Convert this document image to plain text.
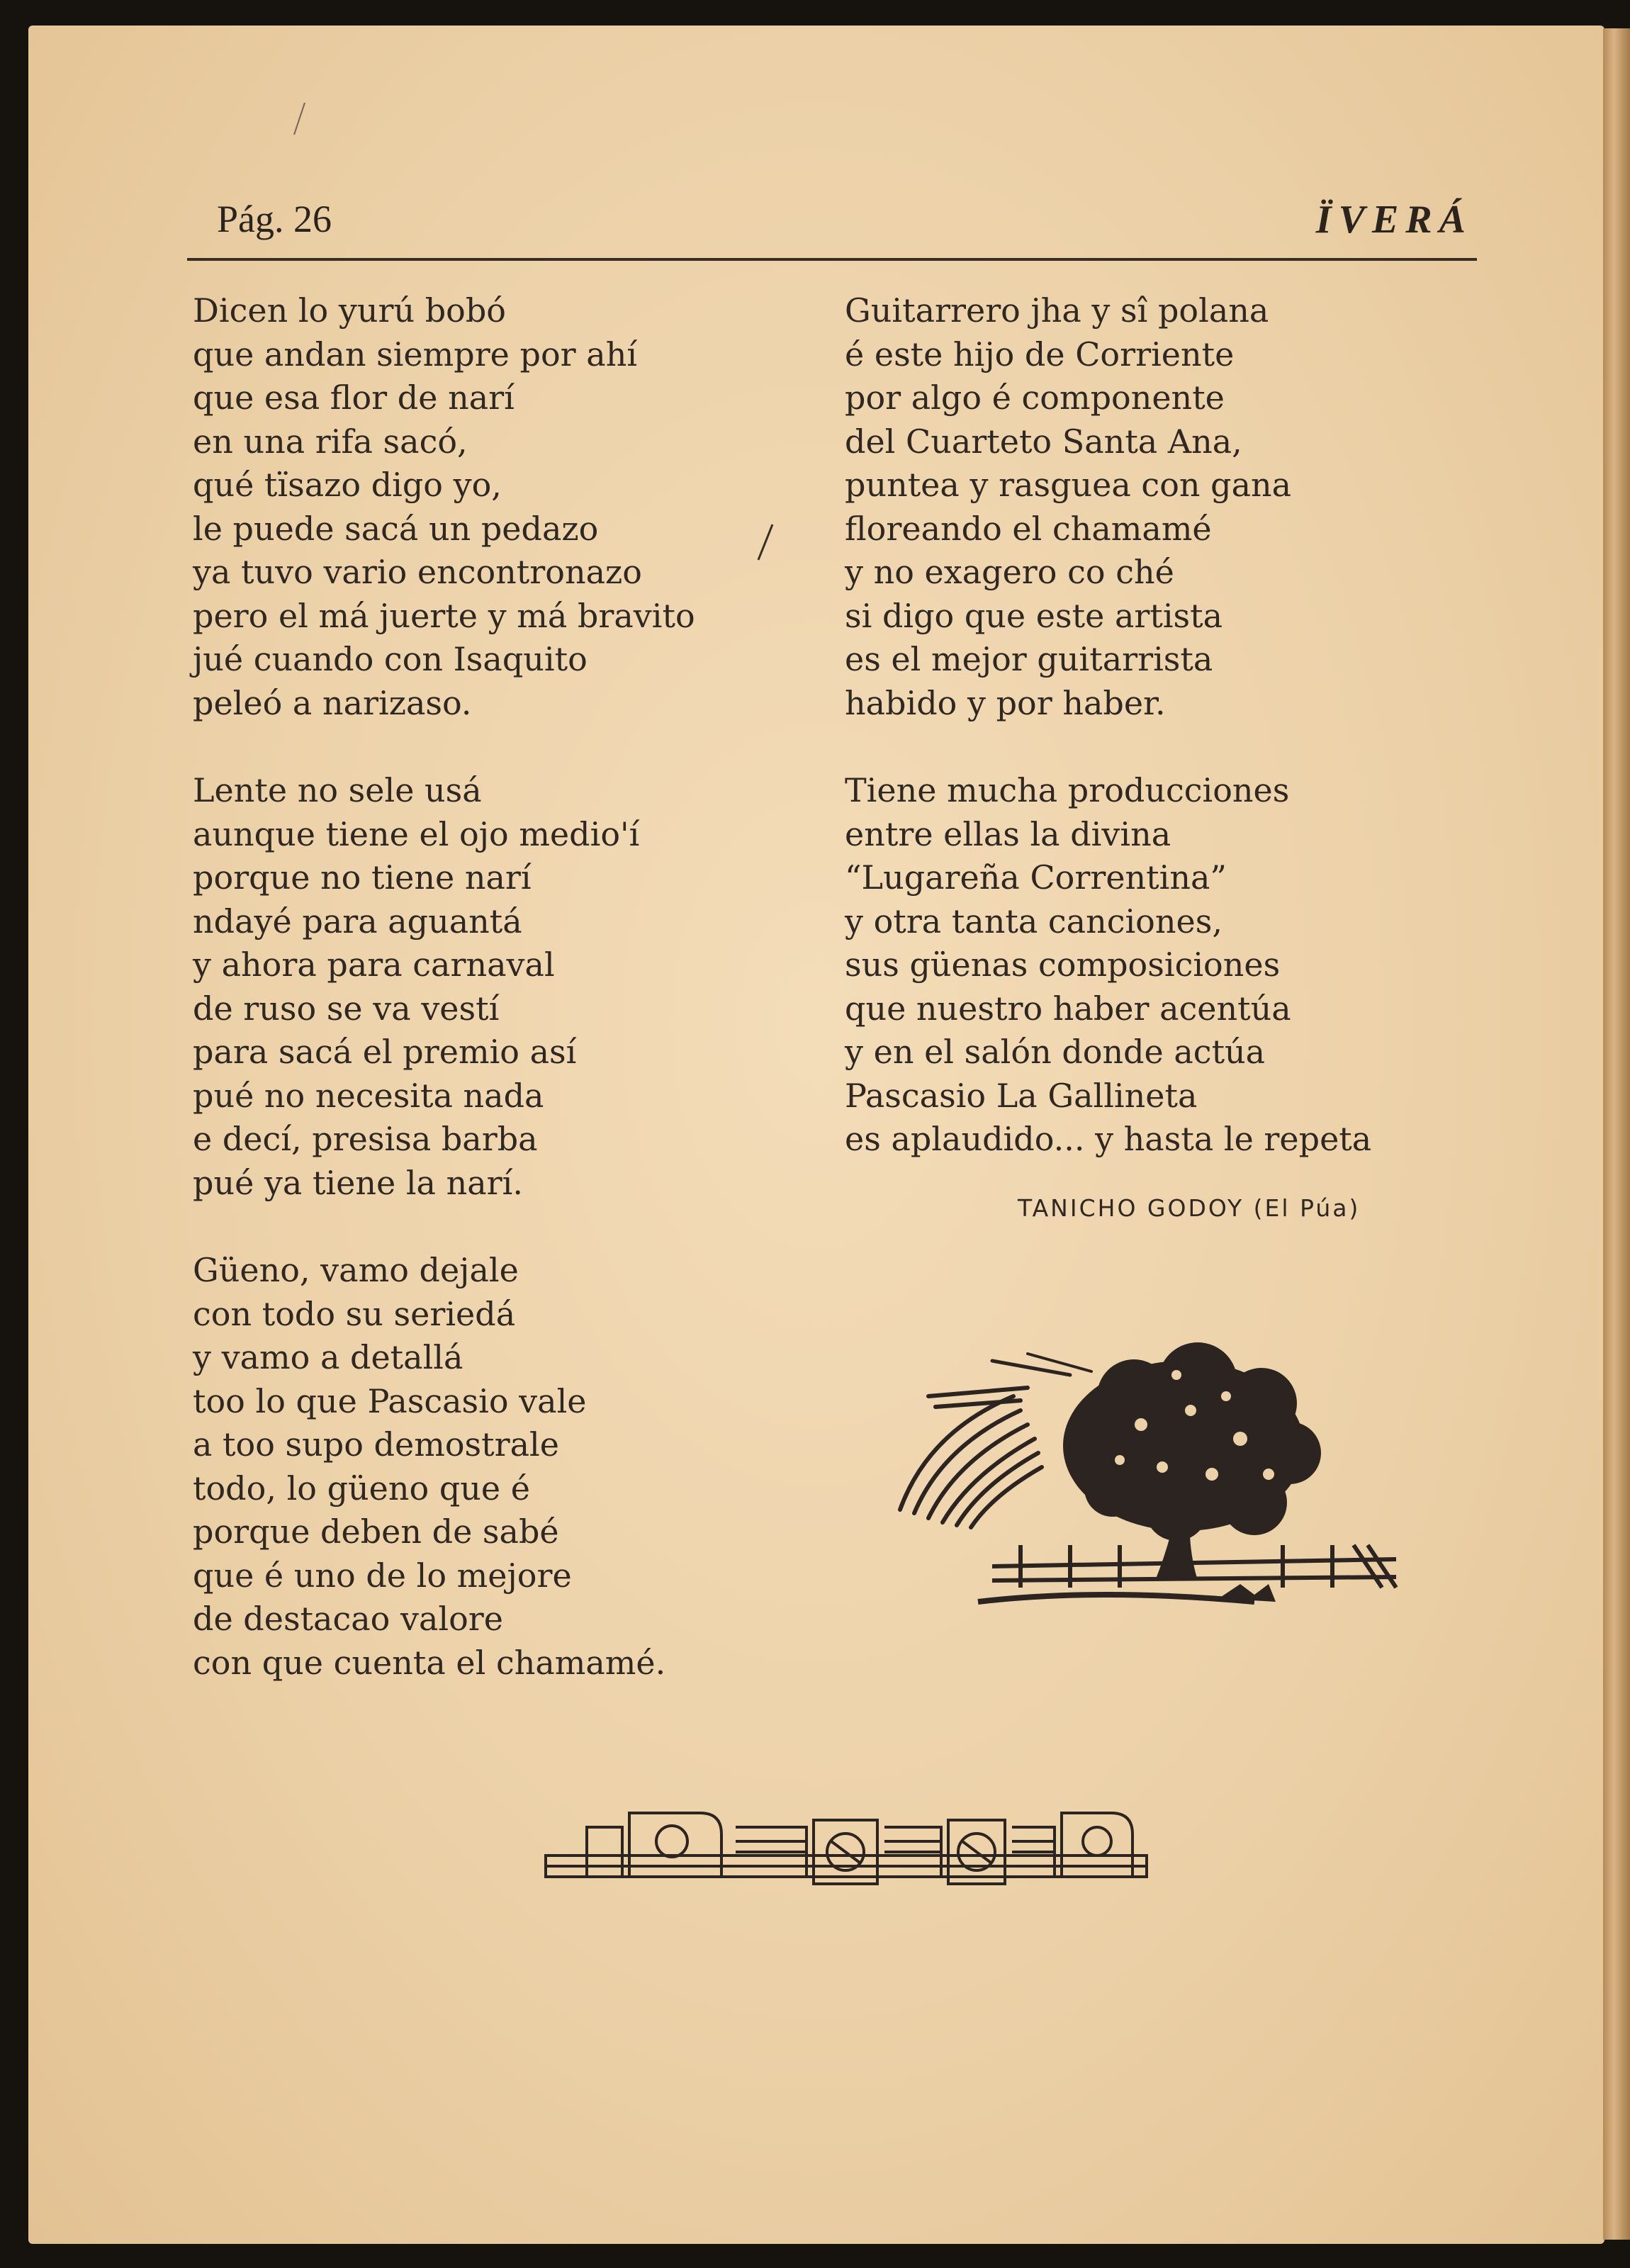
Pág. 26	ÏVERÁ
Dicen lo yurú bobó
que andan siempre por ahí
que esa flor de narí
en una rifa sacó,
qué tïsazo digo yo,
le puede sacá un pedazo
ya tuvo vario encontronazo
pero el má juerte y má bravito
jué cuando con Isaquito
peleó a narizaso.
Lente no sele usá
aunque tiene el ojo medio'í
porque no tiene narí
ndayé para aguantá
y ahora para carnaval
de ruso se va vestí
para sacá el premio así
pué no necesita nada
e decí, presisa barba
pué ya tiene la narí.
Güeno, vamo dejale
con todo su seriedá
y vamo a detallá
too lo que Pascasio vale
a too supo demostrale
todo, lo güeno que é
porque deben de sabé
que é uno de lo mejore
de destacao valore
con que cuenta el chamamé.
Guitarrero jha y sî polana
é este hijo de Corriente
por algo é componente
del Cuarteto Santa Ana,
puntea y rasguea con gana
floreando el chamamé
y no exagero co ché
si digo que este artista
es el mejor guitarrista
habido y por haber.
Tiene mucha producciones
entre ellas la divina
“Lugareña Correntina”
y otra tanta canciones,
sus güenas composiciones
que nuestro haber acentúa
y en el salón donde actúa
Pascasio La Gallineta
es aplaudido... y hasta le repeta
TANICHO GODOY (El Púa)
